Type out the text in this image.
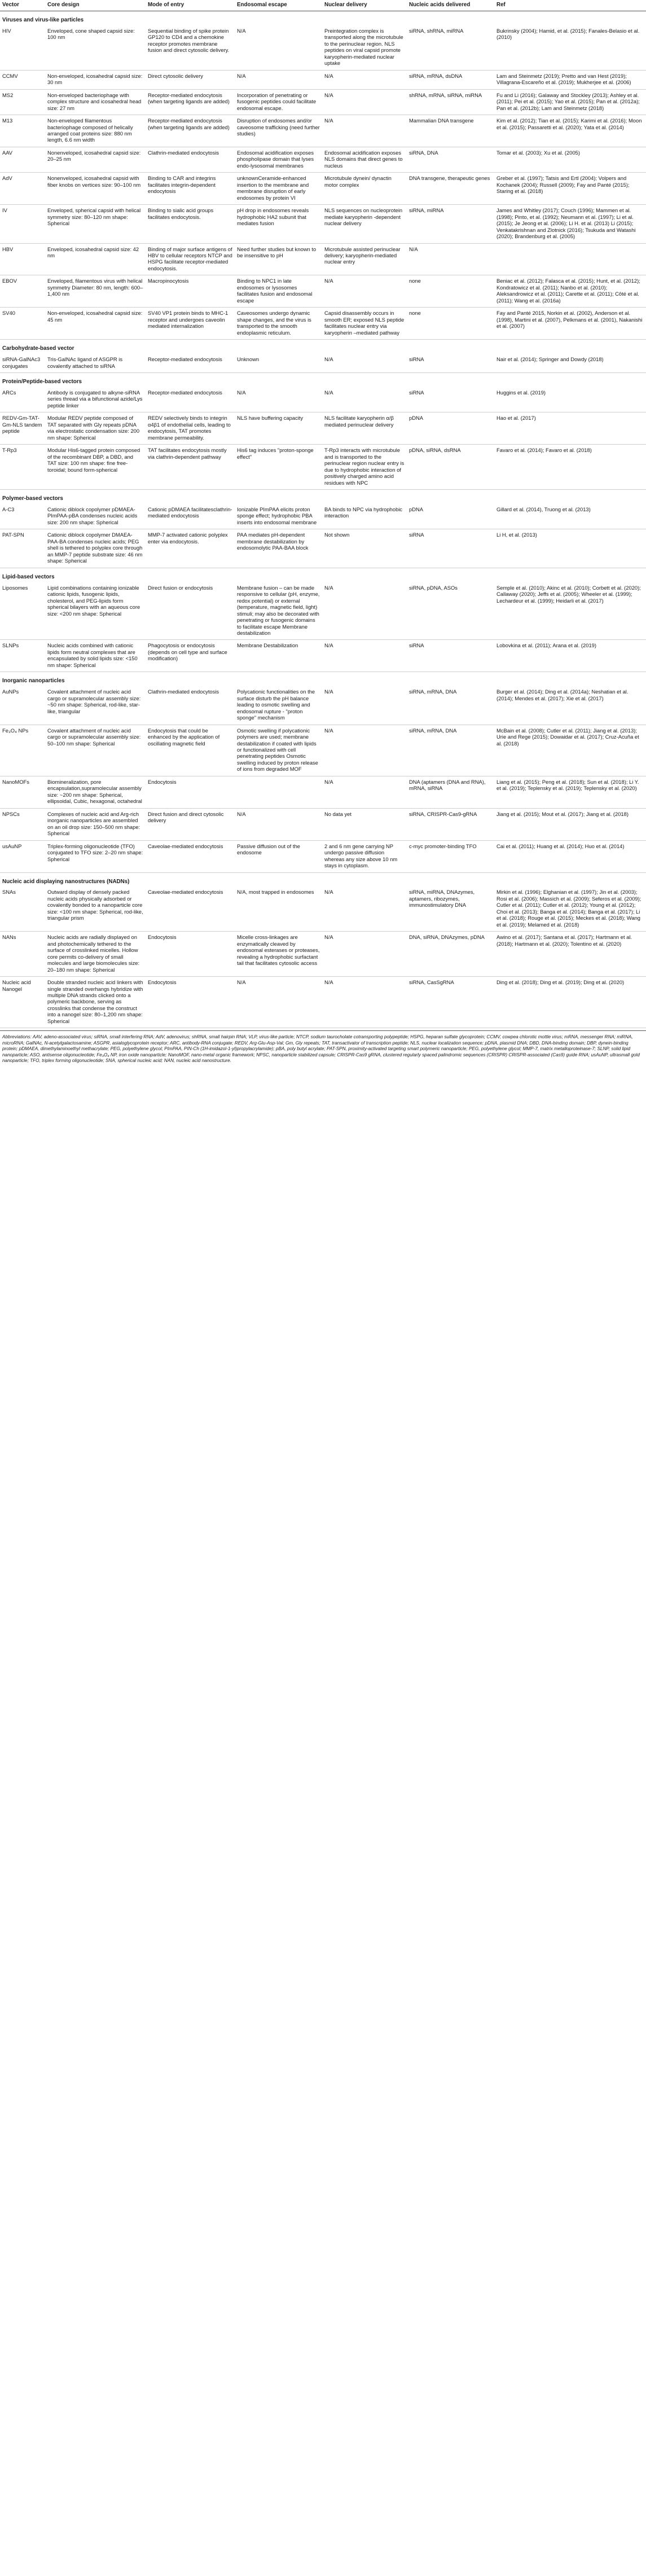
Vector	Core design	Mode of entry	Endosomal escape	Nuclear delivery	Nucleic acids delivered	Ref
Viruses and virus-like particles						
HIV	Enveloped, cone shaped capsid size: 100 nm	Sequential binding of spike protein GP120 to CD4 and a chemokine receptor promotes membrane fusion and direct cytosolic delivery.	N/A	Preintegration complex is transported along the microtubule to the perinuclear region. NLS peptides on viral capsid promote karyopherin-mediated nuclear uptake	siRNA, shRNA, miRNA	Bukrinsky (2004); Hamid, et al. (2015); Fanales-Belasio et al. (2010)
CCMV	Non-enveloped, icosahedral capsid size: 30 nm	Direct cytosolic delivery	N/A	N/A	siRNA, mRNA, dsDNA	Lam and Steinmetz (2019); Pretto and van Hest (2019); Villagrana-Escareño et al. (2019); Mukherjee et al. (2006)
MS2	Non-enveloped bacteriophage with complex structure and icosahedral head size: 27 nm	Receptor-mediated endocytosis (when targeting ligands are added)	Incorporation of penetrating or fusogenic peptides could facilitate endosomal escape.	N/A	shRNA, mRNA, siRNA, miRNA	Fu and Li (2016); Galaway and Stockley (2013); Ashley et al. (2011); Pei et al. (2015); Yao et al. (2015); Pan et al. (2012a); Pan et al. (2012b); Lam and Steinmetz (2018)
M13	Non-enveloped filamentous bacteriophage composed of helically arranged coat proteins size: 880 nm length, 6.6 nm width	Receptor-mediated endocytosis (when targeting ligands are added)	Disruption of endosomes and/or caveosome trafficking (need further studies)	N/A	Mammalian DNA transgene	Kim et al. (2012); Tian et al. (2015); Karimi et al. (2016); Moon et al. (2015); Passaretti et al. (2020); Yata et al. (2014)
AAV	Nonenveloped, icosahedral capsid size: 20–25 nm	Clathrin-mediated endocytosis	Endosomal acidification exposes phospholipase domain that lyses endo-lysosomal membranes	Endosomal acidification exposes NLS domains that direct genes to nucleus	siRNA, DNA	Tomar et al. (2003); Xu et al. (2005)
AdV	Nonenveloped, icosahedral capsid with fiber knobs on vertices size: 90–100 nm	Binding to CAR and integrins facilitates integrin-dependent endocytosis	unknownCeramide-enhanced insertion to the membrane and membrane disruption of early endosomes by protein VI	Microtubule dynein/ dynactin motor complex	DNA transgene, therapeutic genes	Greber et al. (1997); Tatsis and Ertl (2004); Volpers and Kochanek (2004); Russell (2009); Fay and Panté (2015); Staring et al. (2018)
IV	Enveloped, spherical capsid with helical symmetry size: 80–120 nm shape: Spherical	Binding to sialic acid groups facilitates endocytosis.	pH drop in endosomes reveals hydrophobic HA2 subunit that mediates fusion	NLS sequences on nucleoprotein mediate karyopherin -dependent nuclear delivery	siRNA, miRNA	James and Whitley (2017); Couch (1996); Mammen et al. (1998); Pinto, et al. (1992); Neumann et al. (1997); Li et al. (2015); Je Jeong et al. (2006); Li H. et al. (2013) Li (2015); Venkatakrishnan and Zlotnick (2016); Tsukuda and Watashi (2020); Brandenburg et al. (2005)
HBV	Enveloped, icosahedral capsid size: 42 nm	Binding of major surface antigens of HBV to cellular receptors NTCP and HSPG facilitate receptor-mediated endocytosis.	Need further studies but known to be insensitive to pH	Microtubule assisted perinuclear delivery; karyopherin-mediated nuclear entry	N/A	
EBOV	Enveloped, filamentous virus with helical symmetry Diameter: 80 nm, length: 600–1,400 nm	Macropinocytosis	Binding to NPC1 in late endosomes or lysosomes facilitates fusion and endosomal escape	N/A	none	Beniac et al. (2012); Falasca et al. (2015); Hunt, et al. (2012); Kondratowicz et al. (2011); Nanbo et al. (2010); Aleksandrowicz et al. (2011); Carette et al. (2011); Côté et al. (2011); Wang et al. (2016a)
SV40	Non-enveloped, icosahedral capsid size: 45 nm	SV40 VP1 protein binds to MHC-1 receptor and undergoes caveolin mediated internalization	Caveosomes undergo dynamic shape changes, and the virus is transported to the smooth endoplasmic reticulum.	Capsid disassembly occurs in smooth ER; exposed NLS peptide facilitates nuclear entry via karyopherin –mediated pathway	none	Fay and Panté 2015, Norkin et al. (2002), Anderson et al. (1998), Martini et al. (2007), Pelkmans et al. (2001), Nakanishi et al. (2007)
Carbohydrate-based vector						
siRNA-GalNAc3 conjugates	Tris-GalNAc ligand of ASGPR is covalently attached to siRNA	Receptor-mediated endocytosis	Unknown	N/A	siRNA	Nair et al. (2014); Springer and Dowdy (2018)
Protein/Peptide-based vectors						
ARCs	Antibody is conjugated to alkyne-siRNA series thread via a bifunctional azide/Lys peptide linker	Receptor-mediated endocytosis	N/A	N/A	siRNA	Huggins et al. (2019)
REDV-Gm-TAT-Gm-NLS tandem peptide	Modular REDV peptide composed of TAT separated with Gly repeats pDNA via electrostatic condensation size: 200 nm shape: Spherical	REDV selectively binds to integrin α4β1 of endothelial cells, leading to endocytosis, TAT promotes membrane permeability.	NLS have buffering capacity	NLS facilitate karyopherin α/β mediated perinuclear delivery	pDNA	Hao et al. (2017)
T-Rp3	Modular His6-tagged protein composed of the recombinant DBP, a DBD, and TAT size: 100 nm shape: fine free-toroidal; bound form-spherical	TAT facilitates endocytosis mostly via clathrin-dependent pathway	His6 tag induces "proton-sponge effect"	T-Rp3 interacts with microtubule and is transported to the perinuclear region nuclear entry is due to hydrophobic interaction of positively charged amino acid residues with NPC	pDNA, siRNA, dsRNA	Favaro et al. (2014); Favaro et al. (2018)
Polymer-based vectors						
A-C3	Cationic diblock copolymer pDMAEA-PImPAA-pBA condenses nucleic acids size: 200 nm shape: Spherical	Cationic pDMAEA facilitatesclathrin-mediated endocytosis	Ionizable PImPAA elicits proton sponge effect; hydrophobic PBA inserts into endosomal membrane	BA binds to NPC via hydrophobic interaction	pDNA	Gillard et al. (2014), Truong et al. (2013)
PAT-SPN	Cationic diblock copolymer DMAEA-PAA-BA condenses nucleic acids; PEG shell is tethered to polyplex core through an MMP-7 peptide substrate size: 46 nm shape: Spherical	MMP-7 activated cationic polyplex enter via endocytosis.	PAA mediates pH-dependent membrane destabilization by endosomolytic PAA-BAA block	Not shown	siRNA	Li H, et al. (2013)
Lipid-based vectors						
Liposomes	Lipid combinations containing ionizable cationic lipids, fusogenic lipids, cholesterol, and PEG-lipids form spherical bilayers with an aqueous core size: <200 nm shape: Spherical	Direct fusion or endocytosis	Membrane fusion – can be made responsive to cellular (pH, enzyme, redox potential) or external (temperature, magnetic field, light) stimuli; may also be decorated with penetrating or fusogenic domains to facilitate escape Membrane destabilization	N/A	siRNA, pDNA, ASOs	Semple et al. (2010); Akinc et al. (2010); Corbett et al. (2020); Callaway (2020); Jeffs et al. (2005); Wheeler et al. (1999); Lechardeur et al. (1999); Heidarli et al. (2017)
SLNPs	Nucleic acids combined with cationic lipids form neutral complexes that are encapsulated by solid lipids size: <150 nm shape: Spherical	Phagocytosis or endocytosis (depends on cell type and surface modification)	Membrane Destabilization	N/A	siRNA	Lobovkina et al. (2011); Arana et al. (2019)
Inorganic nanoparticles						
AuNPs	Covalent attachment of nucleic acid cargo or supramolecular assembly size: ~50 nm shape: Spherical, rod-like, star-like, triangular	Clathrin-mediated endocytosis	Polycationic functionalities on the surface disturb the pH balance leading to osmotic swelling and endosomal rupture - "proton sponge" mechanism	N/A	siRNA, mRNA, DNA	Burger et al. (2014); Ding et al. (2014a); Neshatian et al. (2014); Mendes et al. (2017); Xie et al. (2017)
Fe₃O₄ NPs	Covalent attachment of nucleic acid cargo or supramolecular assembly size: 50–100 nm shape: Spherical	Endocytosis that could be enhanced by the application of oscillating magnetic field	Osmotic swelling if polycationic polymers are used; membrane destabilization if coated with lipids or functionalized with cell penetrating peptides Osmotic swelling induced by proton release of ions from degraded MOF	N/A	siRNA, mRNA, DNA	McBain et al. (2008); Cutler et al. (2011); Jiang et al. (2013); Urie and Rege (2015); Dowaidar et al. (2017); Cruz-Acuña et al. (2018)
NanoMOFs	Biomineralization, pore encapsulation,supramolecular assembly size: ~200 nm shape: Spherical, ellipsoidal, Cubic, hexagonal, octahedral	Endocytosis		N/A	DNA (aptamers (DNA and RNA), mRNA, siRNA	Liang et al. (2015); Peng et al. (2018); Sun et al. (2018); Li Y. et al. (2019); Teplensky et al. (2019); Teplensky et al. (2020)
NPSCs	Complexes of nucleic acid and Arg-rich inorganic nanoparticles are assembled on an oil drop size: 150–500 nm shape: Spherical	Direct fusion and direct cytosolic delivery	N/A	No data yet	siRNA, CRISPR-Cas9-gRNA	Jiang et al. (2015); Mout et al. (2017); Jiang et al. (2018)
usAuNP	Triplex-forming oligonucleotide (TFO) conjugated to TFO size: 2–20 nm shape: Spherical	Caveolae-mediated endocytosis	Passive diffusion out of the endosome	2 and 6 nm gene carrying NP undergo passive diffusion whereas any size above 10 nm stays in cytoplasm.	c-myc promoter-binding TFO	Cai et al. (2011); Huang et al. (2014); Huo et al. (2014)
Nucleic acid displaying nanostructures (NADNs)						
SNAs	Outward display of densely packed nucleic acids physically adsorbed or covalently bonded to a nanoparticle core size: <100 nm shape: Spherical, rod-like, triangular prism	Caveolae-mediated endocytosis	N/A, most trapped in endosomes	N/A	siRNA, miRNA, DNAzymes, aptamers, ribozymes, immunostimulatory DNA	Mirkin et al. (1996); Elghanian et al. (1997); Jin et al. (2003); Rosi et al. (2006); Massich et al. (2009); Seferos et al. (2009); Cutler et al. (2011); Cutler et al. (2012); Young et al. (2012); Choi et al. (2013); Banga et al. (2014); Banga et al. (2017); Li et al. (2018); Rouge et al. (2015); Meckes et al. (2018); Wang et al. (2019); Melamed et al. (2018)
NANs	Nucleic acids are radially displayed on and photochemically tethered to the surface of crosslinked micelles. Hollow core permits co-delivery of small molecules and large biomolecules size: 20–180 nm shape: Spherical	Endocytosis	Micelle cross-linkages are enzymatically cleaved by endosomal esterases or proteases, revealing a hydrophobic surfactant tail that facilitates cytosolic access	N/A	DNA, siRNA, DNAzymes, pDNA	Awino et al. (2017); Santana et al. (2017); Hartmann et al. (2018); Hartmann et al. (2020); Tolentino et al. (2020)
Nucleic acid Nanogel	Double stranded nucleic acid linkers with single stranded overhangs hybridize with multiple DNA strands clicked onto a polymeric backbone, serving as crosslinks that condense the construct into a nanogel size: 80–1,200 nm shape: Spherical	Endocytosis	N/A	N/A	siRNA, CasSgRNA	Ding et al. (2018); Ding et al. (2019); Ding et al. (2020)
Abbreviations: AAV, adeno-associated virus; siRNA, small interfering RNA; AdV, adenovirus; shRNA, small hairpin RNA; VLP, virus-like particle; NTCP, sodium taurocholate cotransporting polypeptide; HSPG, heparan sulfate glycoprotein; CCMV, cowpea chlorotic mottle virus; mRNA, messenger RNA; miRNA, microRNA; GalNAc, N-acetylgalactosamine; ASGPR, asialoglycoprotein receptor; ARC, antibody-RNA conjugate; REDV, Arg-Glu-Asp-Val; Gm, Gly repeats; TAT, transactivator of transcription peptide; NLS, nuclear localization sequence; pDNA, plasmid DNA; DBD, DNA-binding domain; DBP, dynein-binding protein; pDMAEA, dimethylaminoethyl methacrylate; PEG, polyethylene glycol; PImPAA, PIN-Ch (1H-imidazol-1-yl)propylacrylamide); pBA, poly butyl acrylate; PAT-SPN, proximity-activated targeting smart polymeric nanoparticle; PEG, polyethylene glycol; MMP-7, matrix metalloproteinase-7; SLNP, solid lipid nanoparticle; ASO, antisense oligonucleotide; Fe₃O₄ NP, iron oxide nanoparticle; NanoMOF, nano-metal organic framework; NPSC, nanoparticle stabilized capsule; CRISPR-Cas9 gRNA, clustered regularly spaced palindromic sequences (CRISPR) CRISPR-associated (Cas9) guide RNA; usAuNP, ultrasmall gold nanoparticle; TFO, triplex forming oligonucleotide; SNA, spherical nucleic acid; NAN, nucleic acid nanostructure.
